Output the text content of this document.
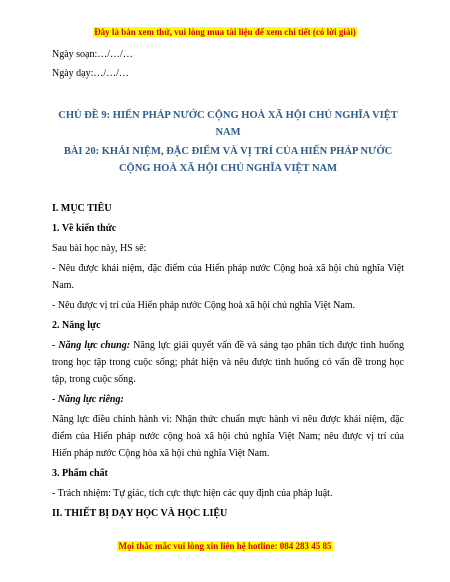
Đây là bản xem thử, vui lòng mua tài liệu để xem chi tiết (có lời giải)

Ngày soạn:…/…/…

Ngày dạy:…/…/…

CHỦ ĐỀ 9: HIẾN PHÁP NƯỚC CỘNG HOÀ XÃ HỘI CHỦ NGHĨA VIỆT NAM

BÀI 20: KHÁI NIỆM, ĐẶC ĐIỂM VÀ VỊ TRÍ CỦA HIẾN PHÁP NƯỚC CỘNG HOÀ XÃ HỘI CHỦ NGHĨA VIỆT NAM

I. MỤC TIÊU

1. Về kiến thức

Sau bài học này, HS sẽ:

- Nêu được khái niệm, đặc điểm của Hiến pháp nước Cộng hoà xã hội chủ nghĩa Việt Nam.

- Nêu được vị trí của Hiến pháp nước Cộng hoà xã hội chủ nghĩa Việt Nam.

2. Năng lực

- Năng lực chung: Năng lực giải quyết vấn đề và sáng tạo phân tích được tình huống trong học tập trong cuộc sống; phát hiện và nêu được tình huống có vấn đề trong học tập, trong cuộc sống.

- Năng lực riêng:

Năng lực điều chỉnh hành vi: Nhận thức chuẩn mực hành vi nêu được khái niệm, đặc điểm của Hiến pháp nước cộng hoà xã hội chủ nghĩa Việt Nam; nêu được vị trí của Hiến pháp nước Cộng hòa xã hội chủ nghĩa Việt Nam.

3. Phẩm chất

- Trách nhiệm: Tự giác, tích cực thực hiện các quy định của pháp luật.

II. THIẾT BỊ DẠY HỌC VÀ HỌC LIỆU

Mọi thắc mắc vui lòng xin liên hệ hotline: 084 283 45 85
